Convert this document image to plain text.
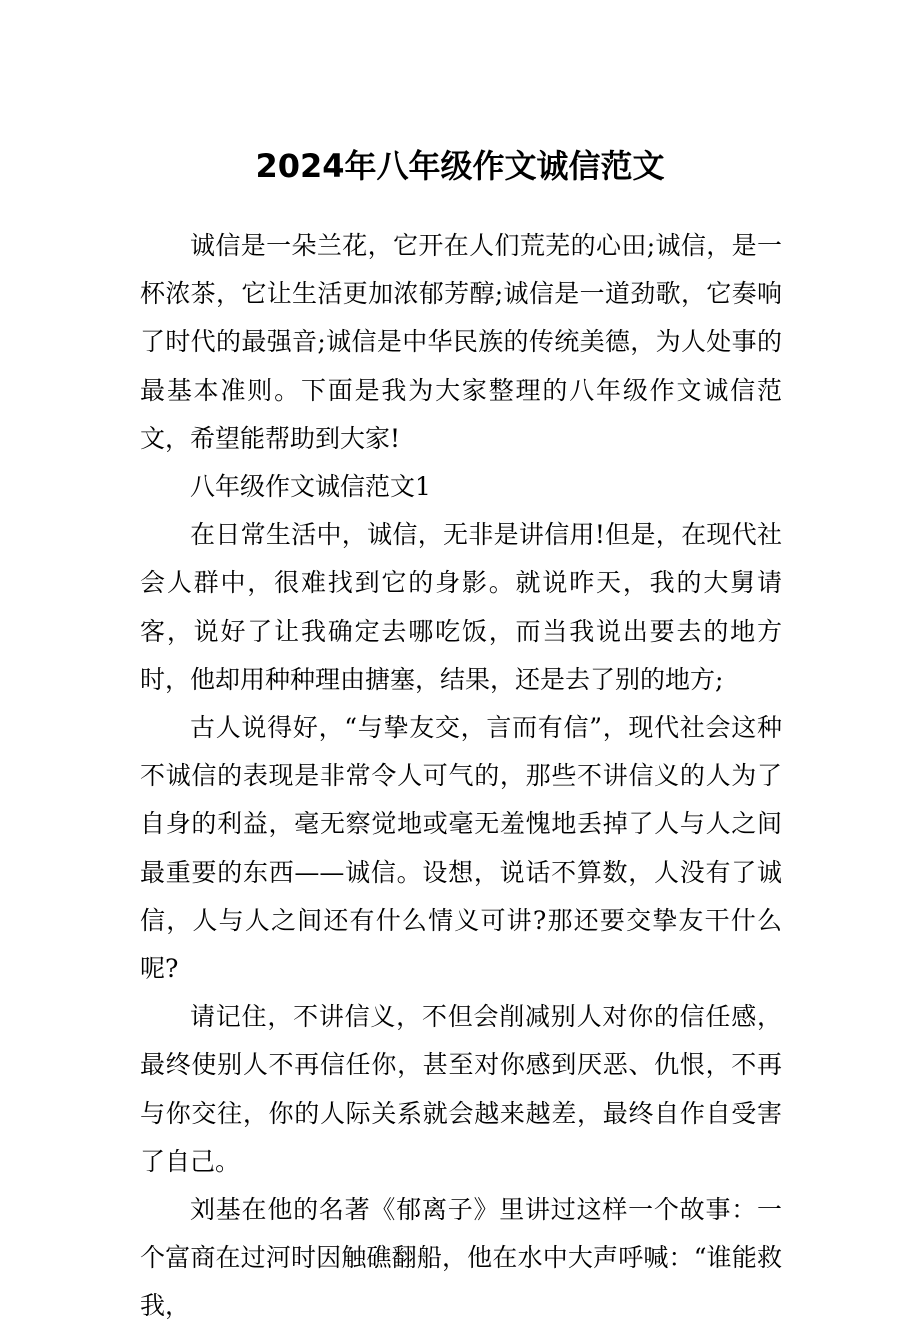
2024年八年级作文诚信范文

诚信是一朵兰花，它开在人们荒芜的心田;诚信，是一杯浓茶，它让生活更加浓郁芳醇;诚信是一道劲歌，它奏响了时代的最强音;诚信是中华民族的传统美德，为人处事的最基本准则。下面是我为大家整理的八年级作文诚信范文，希望能帮助到大家!

八年级作文诚信范文1

在日常生活中，诚信，无非是讲信用!但是，在现代社会人群中，很难找到它的身影。就说昨天，我的大舅请客，说好了让我确定去哪吃饭，而当我说出要去的地方时，他却用种种理由搪塞，结果，还是去了别的地方;

古人说得好，“与挚友交，言而有信”，现代社会这种不诚信的表现是非常令人可气的，那些不讲信义的人为了自身的利益，毫无察觉地或毫无羞愧地丢掉了人与人之间最重要的东西——诚信。设想，说话不算数，人没有了诚信，人与人之间还有什么情义可讲?那还要交挚友干什么呢?

请记住，不讲信义，不但会削减别人对你的信任感，最终使别人不再信任你，甚至对你感到厌恶、仇恨，不再与你交往，你的人际关系就会越来越差，最终自作自受害了自己。

刘基在他的名著《郁离子》里讲过这样一个故事：一个富商在过河时因触礁翻船，他在水中大声呼喊：“谁能救我，
